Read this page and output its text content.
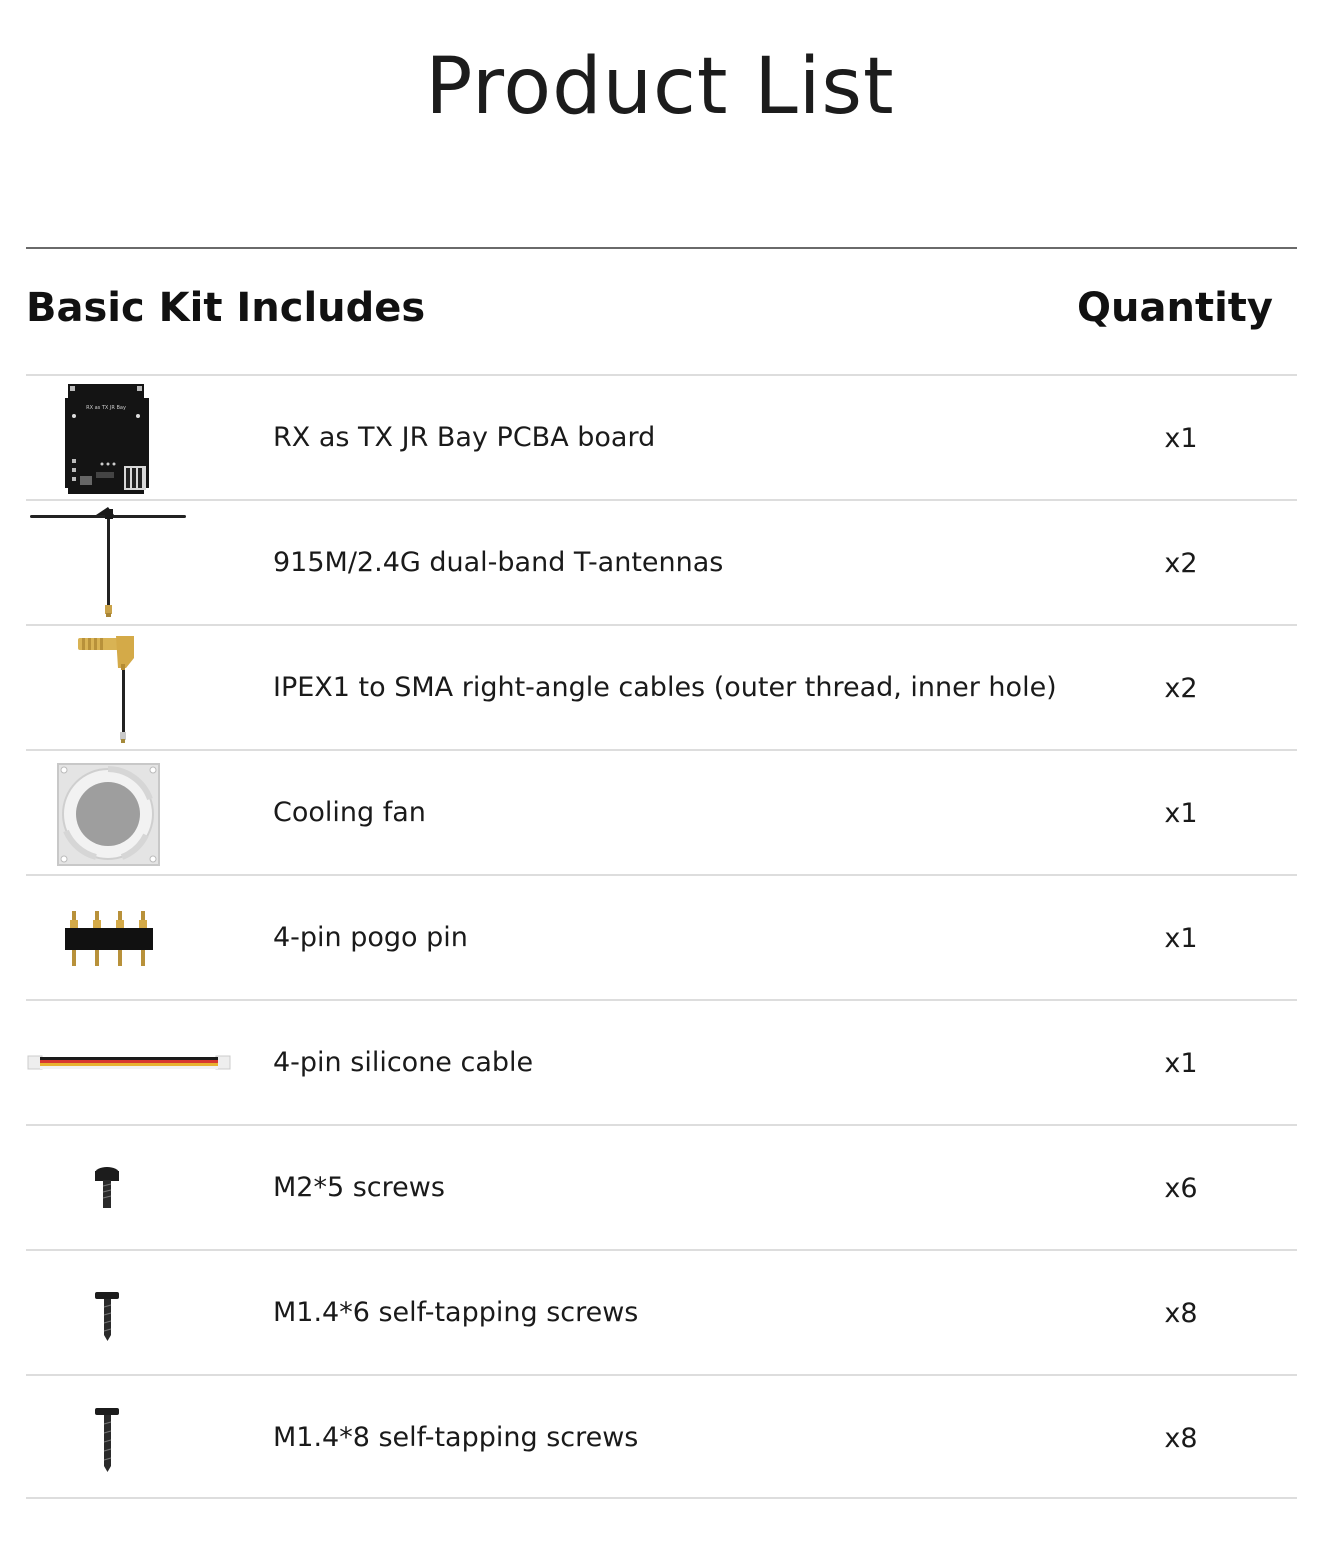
Product List
Basic Kit Includes	Quantity
RX as TX JR Bay
RX as TX JR Bay PCBA board	x1
915M/2.4G dual-band T-antennas	x2
IPEX1 to SMA right-angle cables (outer thread, inner hole)	x2
Cooling fan	x1
4-pin pogo pin	x1
4-pin silicone cable	x1
M2*5 screws	x6
M1.4*6 self-tapping screws	x8
M1.4*8 self-tapping screws	x8
